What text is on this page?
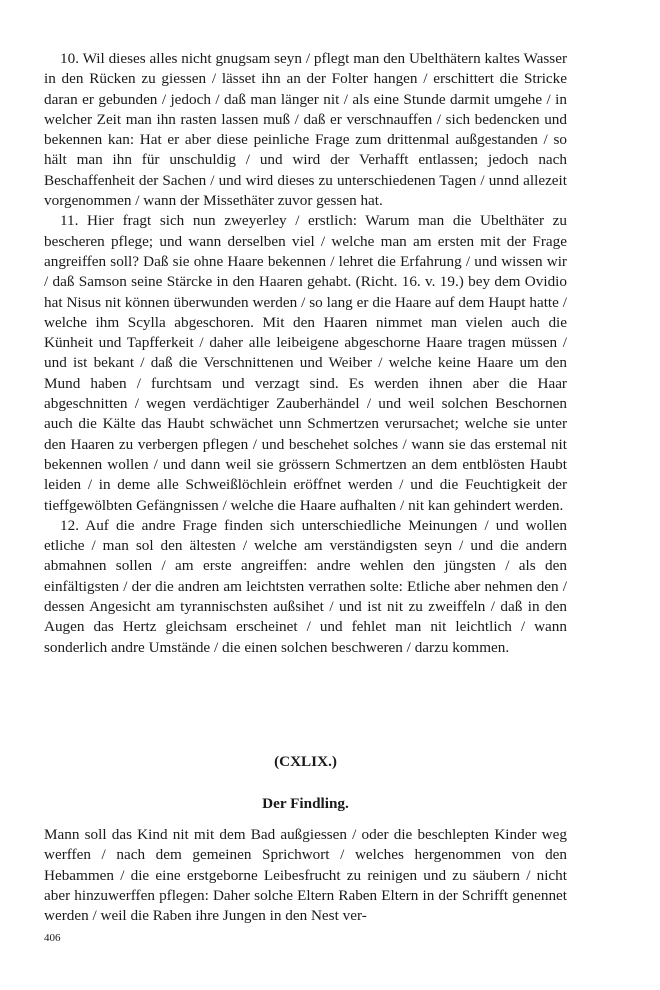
10. Wil dieses alles nicht gnugsam seyn / pflegt man den Ubelthätern kaltes Wasser in den Rücken zu giessen / lässet ihn an der Folter hangen / erschittert die Stricke daran er gebunden / jedoch / daß man länger nit / als eine Stunde darmit umgehe / in welcher Zeit man ihn rasten lassen muß / daß er verschnauffen / sich bedencken und bekennen kan: Hat er aber diese peinliche Frage zum drittenmal außgestanden / so hält man ihn für unschuldig / und wird der Verhafft entlassen; jedoch nach Beschaffenheit der Sachen / und wird dieses zu unterschiedenen Tagen / unnd allezeit vorgenommen / wann der Missethäter zuvor gessen hat.

11. Hier fragt sich nun zweyerley / erstlich: Warum man die Ubelthäter zu bescheren pflege; und wann derselben viel / welche man am ersten mit der Frage angreiffen soll? Daß sie ohne Haare bekennen / lehret die Erfahrung / und wissen wir / daß Samson seine Stärcke in den Haaren gehabt. (Richt. 16. v. 19.) bey dem Ovidio hat Nisus nit können überwunden werden / so lang er die Haare auf dem Haupt hatte / welche ihm Scylla abgeschoren. Mit den Haaren nimmet man vielen auch die Künheit und Tapfferkeit / daher alle leibeigene abgeschorne Haare tragen müssen / und ist bekant / daß die Verschnittenen und Weiber / welche keine Haare um den Mund haben / furchtsam und verzagt sind. Es werden ihnen aber die Haar abgeschnitten / wegen verdächtiger Zauberhändel / und weil solchen Beschornen auch die Kälte das Haubt schwächet unn Schmertzen verursachet; welche sie unter den Haaren zu verbergen pflegen / und beschehet solches / wann sie das erstemal nit bekennen wollen / und dann weil sie grössern Schmertzen an dem entblösten Haubt leiden / in deme alle Schweißlöchlein eröffnet werden / und die Feuchtigkeit der tieffgewölbten Gefängnissen / welche die Haare aufhalten / nit kan gehindert werden.

12. Auf die andre Frage finden sich unterschiedliche Meinungen / und wollen etliche / man sol den ältesten / welche am verständigsten seyn / und die andern abmahnen sollen / am erste angreiffen: andre wehlen den jüngsten / als den einfältigsten / der die andren am leichtsten verrathen solte: Etliche aber nehmen den / dessen Angesicht am tyrannischsten außsihet / und ist nit zu zweiffeln / daß in den Augen das Hertz gleichsam erscheinet / und fehlet man nit leichtlich / wann sonderlich andre Umstände / die einen solchen beschweren / darzu kommen.

(CXLIX.)
Der Findling.

Mann soll das Kind nit mit dem Bad außgiessen / oder die beschlepten Kinder weg werffen / nach dem gemeinen Sprichwort / welches hergenommen von den Hebammen / die eine erstgeborne Leibesfrucht zu reinigen und zu säubern / nicht aber hinzuwerffen pflegen: Daher solche Eltern Raben Eltern in der Schrifft genennet werden / weil die Raben ihre Jungen in den Nest ver-

406
